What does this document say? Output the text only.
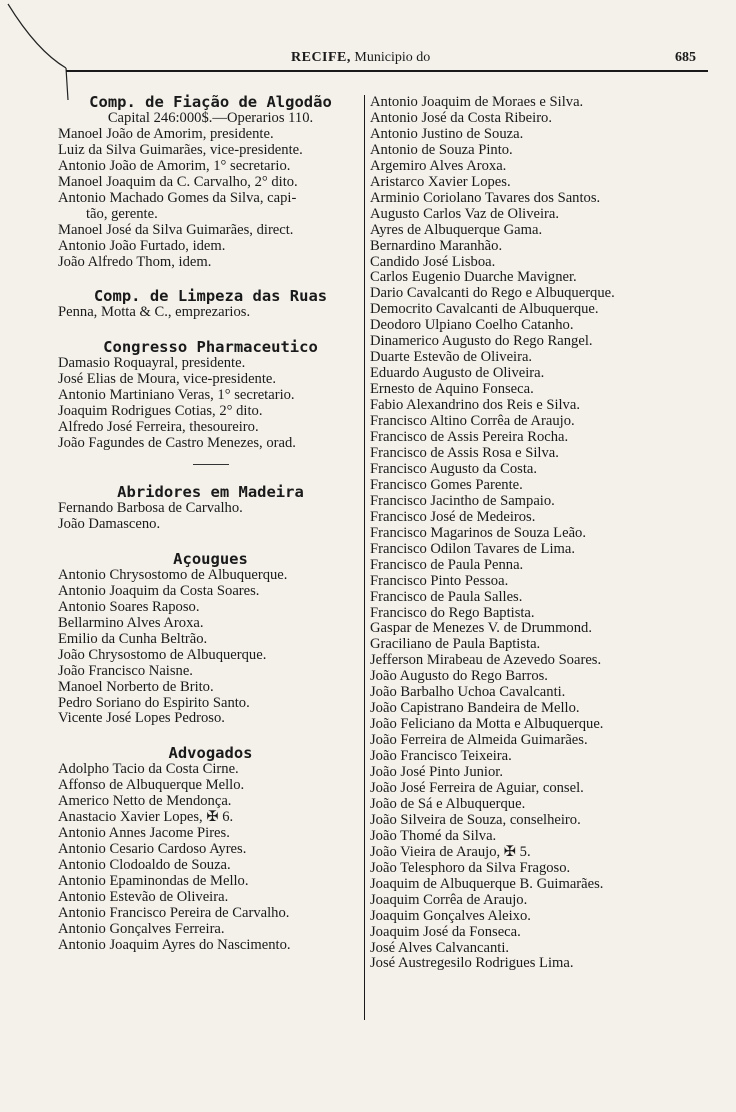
RECIFE, Municipio do	685
Comp. de Fiação de Algodão
Capital 246:000$.—Operarios 110.
Manoel João de Amorim, presidente.
Luiz da Silva Guimarães, vice-presidente.
Antonio João de Amorim, 1° secretario.
Manoel Joaquim da C. Carvalho, 2° dito.
Antonio Machado Gomes da Silva, capi-
tão, gerente.
Manoel José da Silva Guimarães, direct.
Antonio João Furtado, idem.
João Alfredo Thom, idem.
Comp. de Limpeza das Ruas
Penna, Motta & C., emprezarios.
Congresso Pharmaceutico
Damasio Roquayral, presidente.
José Elias de Moura, vice-presidente.
Antonio Martiniano Veras, 1° secretario.
Joaquim Rodrigues Cotias, 2° dito.
Alfredo José Ferreira, thesoureiro.
João Fagundes de Castro Menezes, orad.
Abridores em Madeira
Fernando Barbosa de Carvalho.
João Damasceno.
Açougues
Antonio Chrysostomo de Albuquerque.
Antonio Joaquim da Costa Soares.
Antonio Soares Raposo.
Bellarmino Alves Aroxa.
Emilio da Cunha Beltrão.
João Chrysostomo de Albuquerque.
João Francisco Naisne.
Manoel Norberto de Brito.
Pedro Soriano do Espirito Santo.
Vicente José Lopes Pedroso.
Advogados
Adolpho Tacio da Costa Cirne.
Affonso de Albuquerque Mello.
Americo Netto de Mendonça.
Anastacio Xavier Lopes, ✠ 6.
Antonio Annes Jacome Pires.
Antonio Cesario Cardoso Ayres.
Antonio Clodoaldo de Souza.
Antonio Epaminondas de Mello.
Antonio Estevão de Oliveira.
Antonio Francisco Pereira de Carvalho.
Antonio Gonçalves Ferreira.
Antonio Joaquim Ayres do Nascimento.
Antonio Joaquim de Moraes e Silva.
Antonio José da Costa Ribeiro.
Antonio Justino de Souza.
Antonio de Souza Pinto.
Argemiro Alves Aroxa.
Aristarco Xavier Lopes.
Arminio Coriolano Tavares dos Santos.
Augusto Carlos Vaz de Oliveira.
Ayres de Albuquerque Gama.
Bernardino Maranhão.
Candido José Lisboa.
Carlos Eugenio Duarche Mavigner.
Dario Cavalcanti do Rego e Albuquerque.
Democrito Cavalcanti de Albuquerque.
Deodoro Ulpiano Coelho Catanho.
Dinamerico Augusto do Rego Rangel.
Duarte Estevão de Oliveira.
Eduardo Augusto de Oliveira.
Ernesto de Aquino Fonseca.
Fabio Alexandrino dos Reis e Silva.
Francisco Altino Corrêa de Araujo.
Francisco de Assis Pereira Rocha.
Francisco de Assis Rosa e Silva.
Francisco Augusto da Costa.
Francisco Gomes Parente.
Francisco Jacintho de Sampaio.
Francisco José de Medeiros.
Francisco Magarinos de Souza Leão.
Francisco Odilon Tavares de Lima.
Francisco de Paula Penna.
Francisco Pinto Pessoa.
Francisco de Paula Salles.
Francisco do Rego Baptista.
Gaspar de Menezes V. de Drummond.
Graciliano de Paula Baptista.
Jefferson Mirabeau de Azevedo Soares.
João Augusto do Rego Barros.
João Barbalho Uchoa Cavalcanti.
João Capistrano Bandeira de Mello.
João Feliciano da Motta e Albuquerque.
João Ferreira de Almeida Guimarães.
João Francisco Teixeira.
João José Pinto Junior.
João José Ferreira de Aguiar, consel.
João de Sá e Albuquerque.
João Silveira de Souza, conselheiro.
João Thomé da Silva.
João Vieira de Araujo, ✠ 5.
João Telesphoro da Silva Fragoso.
Joaquim de Albuquerque B. Guimarães.
Joaquim Corrêa de Araujo.
Joaquim Gonçalves Aleixo.
Joaquim José da Fonseca.
José Alves Calvancanti.
José Austregesilo Rodrigues Lima.
